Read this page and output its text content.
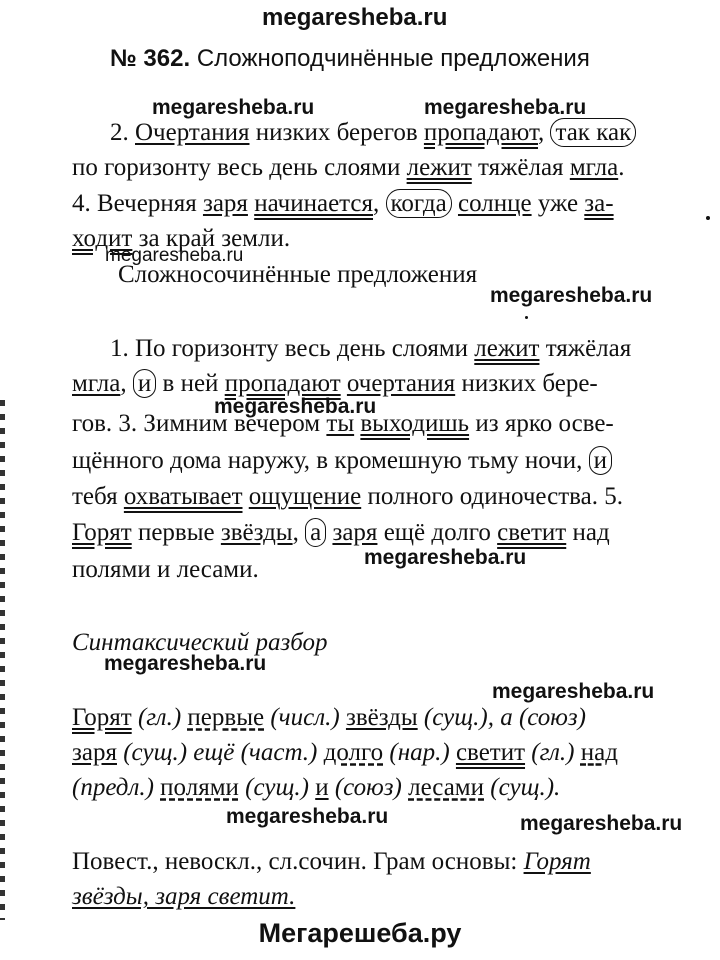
megaresheba.ru
№ 362. Сложноподчинённые предложения
megaresheba.ru	megaresheba.ru
2. Очертания низких берегов пропадают, так как
по горизонту весь день слоями лежит тяжёлая мгла.
4. Вечерняя заря начинается, когда солнце уже за-
ходит за край земли.
megaresheba.ru
Сложносочинённые предложения
megaresheba.ru
1. По горизонту весь день слоями лежит тяжёлая
мгла, и в ней пропадают очертания низких бере-
megaresheba.ru
гов. 3. Зимним вечером ты выходишь из ярко осве-
щённого дома наружу, в кромешную тьму ночи, и
тебя охватывает ощущение полного одиночества. 5.
Горят первые звёзды, а заря ещё долго светит над
megaresheba.ru
полями и лесами.
Синтаксический разбор
megaresheba.ru
megaresheba.ru
Горят (гл.) первые (числ.) звёзды (сущ.), а (союз)
заря (сущ.) ещё (част.) долго (нар.) светит (гл.) над
(предл.) полями (сущ.) и (союз) лесами (сущ.).
megaresheba.ru	megaresheba.ru
Повест., невоскл., сл.сочин. Грам основы: Горят
звёзды, заря светит.
Мегарешеба.ру
